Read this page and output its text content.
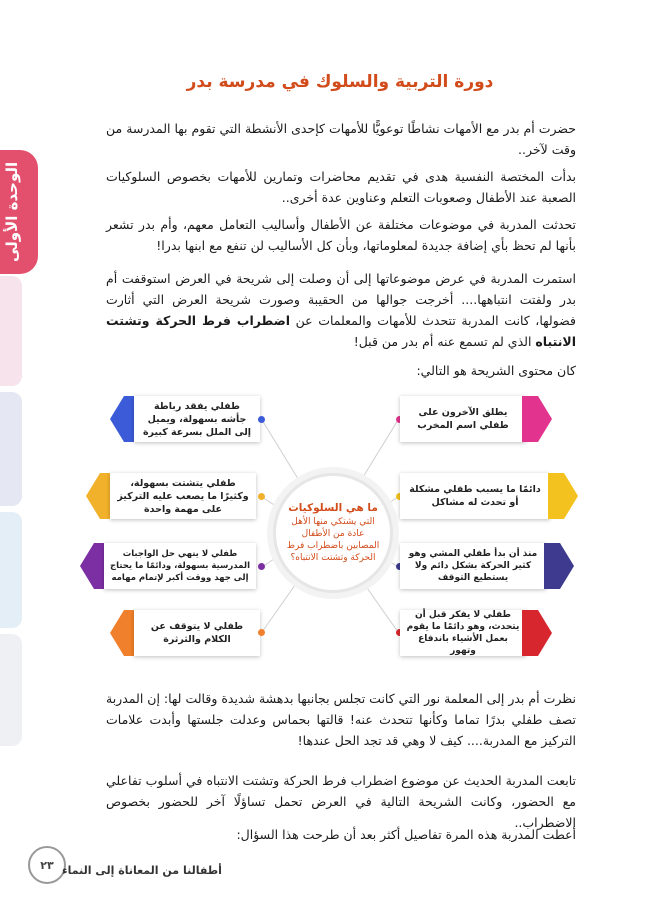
الوحدة الأولى
دورة التربية والسلوك في مدرسة بدر
حضرت أم بدر مع الأمهات نشاطًا توعويًّا للأمهات كإحدى الأنشطة التي تقوم بها المدرسة من وقت لآخر..
بدأت المختصة النفسية هدى في تقديم محاضرات وتمارين للأمهات بخصوص السلوكيات الصعبة عند الأطفال وصعوبات التعلم وعناوين عدة أخرى..
تحدثت المدربة في موضوعات مختلفة عن الأطفال وأساليب التعامل معهم، وأم بدر تشعر بأنها لم تحظ بأي إضافة جديدة لمعلوماتها، وبأن كل الأساليب لن تنفع مع ابنها بدرا!
استمرت المدربة في عرض موضوعاتها إلى أن وصلت إلى شريحة في العرض استوقفت أم بدر ولفتت انتباهها.... أخرجت جوالها من الحقيبة وصورت شريحة العرض التي أثارت فضولها، كانت المدربة تتحدث للأمهات والمعلمات عن اضطراب فرط الحركة وتشتت الانتباه الذي لم تسمع عنه أم بدر من قبل!
كان محتوى الشريحة هو التالي:
ما هي السلوكيات
التي يشتكي منها الأهل عادة من الأطفال المصابين باضطراب فرط الحركة وتشتت الانتباه؟
طفلي يفقد رباطة جأشه بسهولة، ويميل إلى الملل بسرعة كبيرة
طفلي يتشتت بسهولة، وكثيرًا ما يصعب عليه التركيز على مهمة واحدة
طفلي لا ينهي حل الواجبات المدرسية بسهولة، ودائمًا ما يحتاج إلى جهد ووقت أكبر لإتمام مهامه
طفلي لا يتوقف عن الكلام والثرثرة
يطلق الآخرون على طفلي اسم المخرب
دائمًا ما يسبب طفلي مشكلة أو تحدث له مشاكل
منذ أن بدأ طفلي المشي وهو كثير الحركة بشكل دائم ولا يستطيع التوقف
طفلي لا يفكر قبل أن يتحدث، وهو دائمًا ما يقوم بعمل الأشياء باندفاع وتهور
نظرت أم بدر إلى المعلمة نور التي كانت تجلس بجانبها بدهشة شديدة وقالت لها: إن المدربة تصف طفلي بدرًا تماما وكأنها تتحدث عنه! قالتها بحماس وعدلت جلستها وأبدت علامات التركيز مع المدربة.... كيف لا وهي قد تجد الحل عندها!
تابعت المدربة الحديث عن موضوع اضطراب فرط الحركة وتشتت الانتباه في أسلوب تفاعلي مع الحضور، وكانت الشريحة التالية في العرض تحمل تساؤلًا آخر للحضور بخصوص الاضطراب..
أعطت المدربة هذه المرة تفاصيل أكثر بعد أن طرحت هذا السؤال:
٢٣ أطفالنا من المعاناة إلى النماء
